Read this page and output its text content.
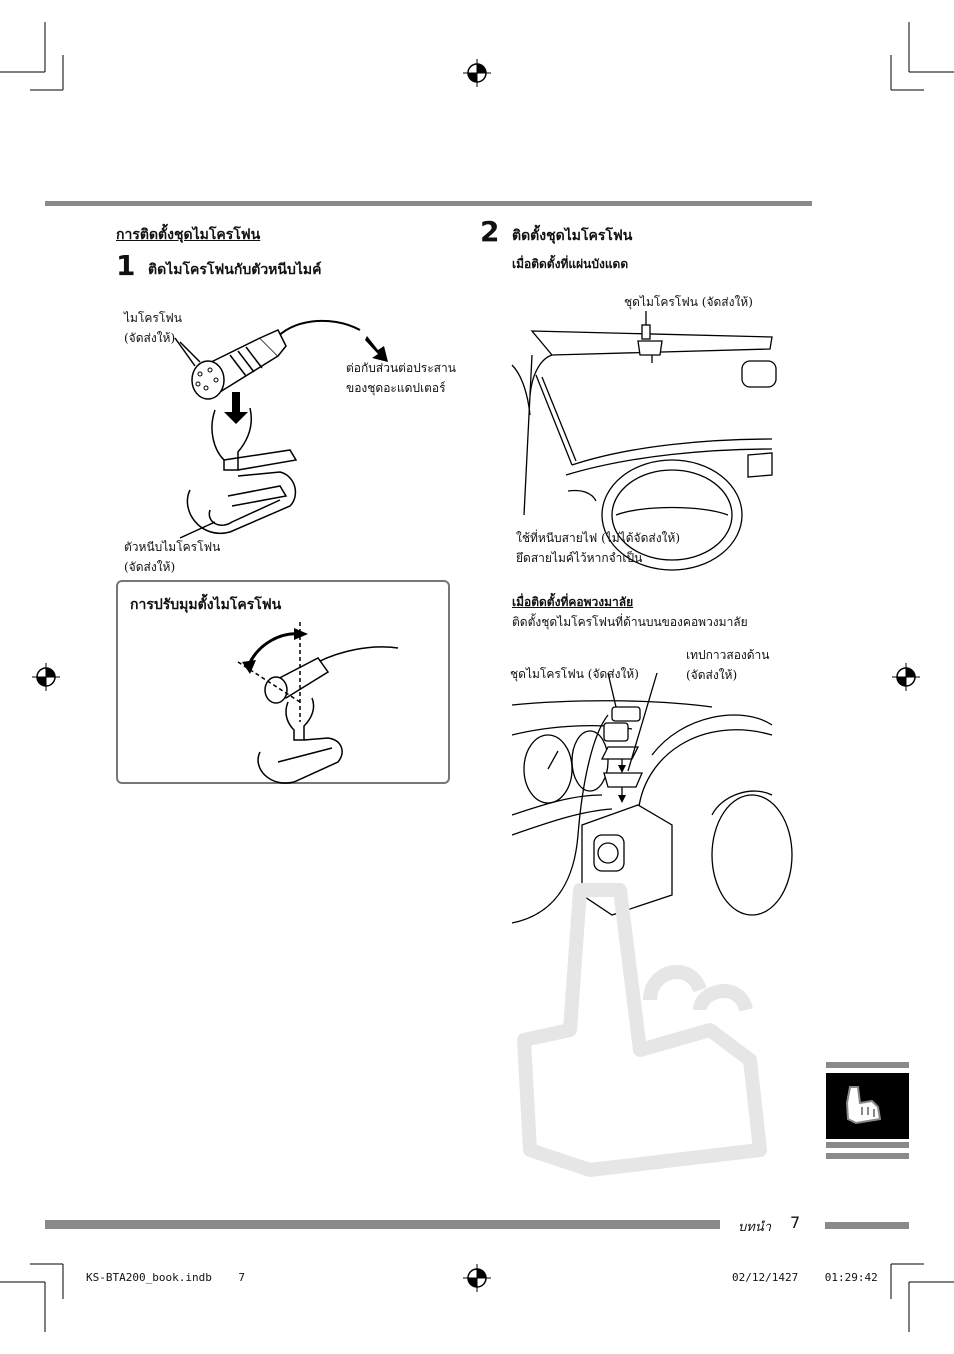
การติดตั้งชุดไมโครโฟน
1 ติดไมโครโฟนกับตัวหนีบไมค์
ไมโครโฟน
(จัดส่งให้)
ต่อกับส่วนต่อประสาน
ของชุดอะแดปเตอร์
ตัวหนีบไมโครโฟน
(จัดส่งให้)
การปรับมุมตั้งไมโครโฟน
2 ติดตั้งชุดไมโครโฟน
เมื่อติดตั้งที่แผ่นบังแดด
ชุดไมโครโฟน (จัดส่งให้)
ใช้ที่หนีบสายไฟ (ไม่ได้จัดส่งให้)
ยึดสายไมค์ไว้หากจำเป็น
เมื่อติดตั้งที่คอพวงมาลัย
ติดตั้งชุดไมโครโฟนที่ด้านบนของคอพวงมาลัย
ชุดไมโครโฟน (จัดส่งให้)
เทปกาวสองด้าน
(จัดส่งให้)
บทนำ 7
KS-BTA200_book.indb    7	02/12/1427    01:29:42
